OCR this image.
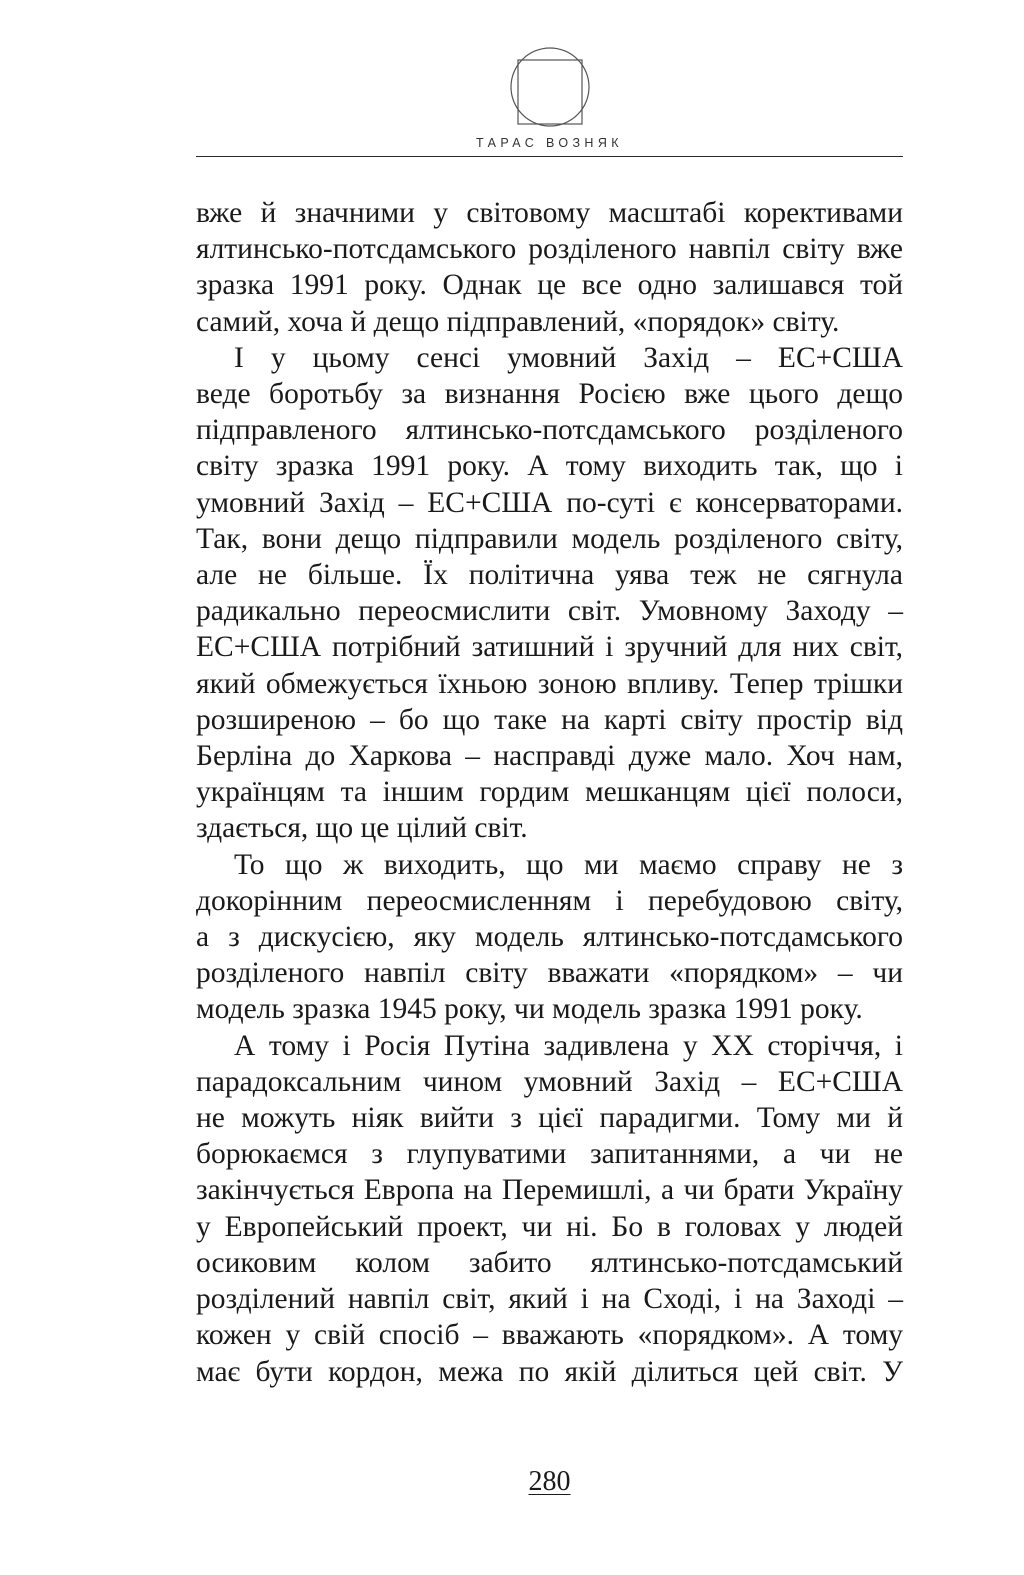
ТАРАС ВОЗНЯК

вже й значними у світовому масштабі корективами

ялтинсько-потсдамського розділеного навпіл світу вже

зразка 1991 року. Однак це все одно залишався той

самий, хоча й дещо підправлений, «порядок» світу.

І у цьому сенсі умовний Захід – ЕС+США

веде боротьбу за визнання Росією вже цього дещо

підправленого ялтинсько-потсдамського розділеного

світу зразка 1991 року. А тому виходить так, що і

умовний Захід – ЕС+США по-суті є консерваторами.

Так, вони дещо підправили модель розділеного світу,

але не більше. Їх політична уява теж не сягнула

радикально переосмислити світ. Умовному Заходу –

ЕС+США потрібний затишний і зручний для них світ,

який обмежується їхньою зоною впливу. Тепер трішки

розширеною – бо що таке на карті світу простір від

Берліна до Харкова – насправді дуже мало. Хоч нам,

українцям та іншим гордим мешканцям цієї полоси,

здається, що це цілий світ.

То що ж виходить, що ми маємо справу не з

докорінним переосмисленням і перебудовою світу,

а з дискусією, яку модель ялтинсько-потсдамського

розділеного навпіл світу вважати «порядком» – чи

модель зразка 1945 року, чи модель зразка 1991 року.

А тому і Росія Путіна задивлена у ХХ сторіччя, і

парадоксальним чином умовний Захід – ЕС+США

не можуть ніяк вийти з цієї парадигми. Тому ми й

борюкаємся з глупуватими запитаннями, а чи не

закінчується Европа на Перемишлі, а чи брати Україну

у Европейський проект, чи ні. Бо в головах у людей

осиковим колом забито ялтинсько-потсдамський

розділений навпіл світ, який і на Сході, і на Заході –

кожен у свій спосіб – вважають «порядком». А тому

має бути кордон, межа по якій ділиться цей світ. У

280
